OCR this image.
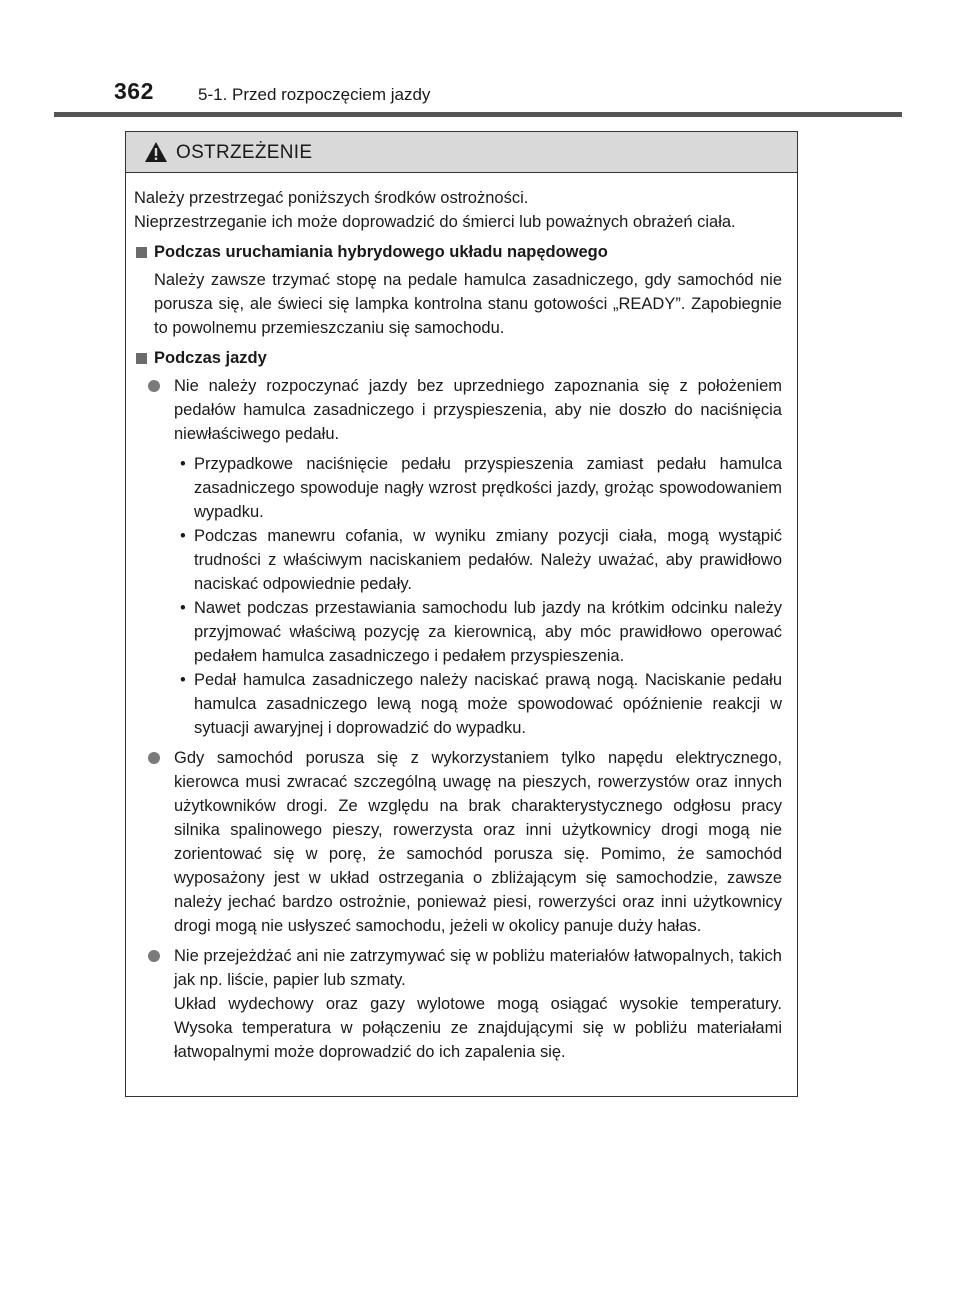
362	5-1. Przed rozpoczęciem jazdy
OSTRZEŻENIE
Należy przestrzegać poniższych środków ostrożności.
Nieprzestrzeganie ich może doprowadzić do śmierci lub poważnych obrażeń ciała.
Podczas uruchamiania hybrydowego układu napędowego
Należy zawsze trzymać stopę na pedale hamulca zasadniczego, gdy samochód nie porusza się, ale świeci się lampka kontrolna stanu gotowości „READY”. Zapobiegnie to powolnemu przemieszczaniu się samochodu.
Podczas jazdy
Nie należy rozpoczynać jazdy bez uprzedniego zapoznania się z położeniem pedałów hamulca zasadniczego i przyspieszenia, aby nie doszło do naciśnięcia niewłaściwego pedału.
• Przypadkowe naciśnięcie pedału przyspieszenia zamiast pedału hamulca zasadniczego spowoduje nagły wzrost prędkości jazdy, grożąc spowodowaniem wypadku.
• Podczas manewru cofania, w wyniku zmiany pozycji ciała, mogą wystąpić trudności z właściwym naciskaniem pedałów. Należy uważać, aby prawidłowo naciskać odpowiednie pedały.
• Nawet podczas przestawiania samochodu lub jazdy na krótkim odcinku należy przyjmować właściwą pozycję za kierownicą, aby móc prawidłowo operować pedałem hamulca zasadniczego i pedałem przyspieszenia.
• Pedał hamulca zasadniczego należy naciskać prawą nogą. Naciskanie pedału hamulca zasadniczego lewą nogą może spowodować opóźnienie reakcji w sytuacji awaryjnej i doprowadzić do wypadku.
Gdy samochód porusza się z wykorzystaniem tylko napędu elektrycznego, kierowca musi zwracać szczególną uwagę na pieszych, rowerzystów oraz innych użytkowników drogi. Ze względu na brak charakterystycznego odgłosu pracy silnika spalinowego pieszy, rowerzysta oraz inni użytkownicy drogi mogą nie zorientować się w porę, że samochód porusza się. Pomimo, że samochód wyposażony jest w układ ostrzegania o zbliżającym się samochodzie, zawsze należy jechać bardzo ostrożnie, ponieważ piesi, rowerzyści oraz inni użytkownicy drogi mogą nie usłyszeć samochodu, jeżeli w okolicy panuje duży hałas.
Nie przejeżdżać ani nie zatrzymywać się w pobliżu materiałów łatwopalnych, takich jak np. liście, papier lub szmaty.
Układ wydechowy oraz gazy wylotowe mogą osiągać wysokie temperatury. Wysoka temperatura w połączeniu ze znajdującymi się w pobliżu materiałami łatwopalnymi może doprowadzić do ich zapalenia się.
